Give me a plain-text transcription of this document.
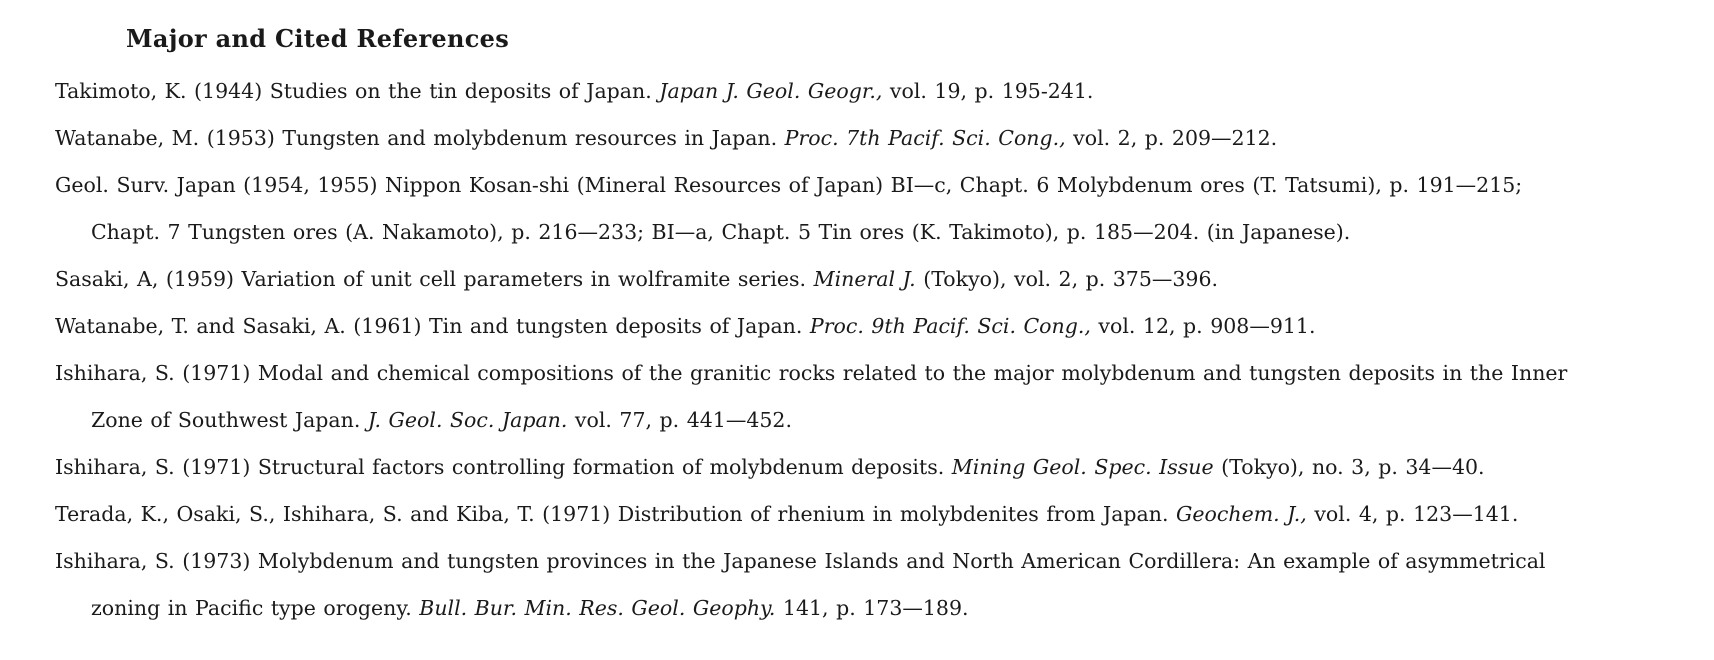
Major and Cited References
Takimoto, K. (1944) Studies on the tin deposits of Japan. Japan J. Geol. Geogr., vol. 19, p. 195-241.
Watanabe, M. (1953) Tungsten and molybdenum resources in Japan. Proc. 7th Pacif. Sci. Cong., vol. 2, p. 209—212.
Geol. Surv. Japan (1954, 1955) Nippon Kosan-shi (Mineral Resources of Japan) BI—c, Chapt. 6 Molybdenum ores (T. Tatsumi), p. 191—215;
Chapt. 7 Tungsten ores (A. Nakamoto), p. 216—233; BI—a, Chapt. 5 Tin ores (K. Takimoto), p. 185—204. (in Japanese).
Sasaki, A, (1959) Variation of unit cell parameters in wolframite series. Mineral J. (Tokyo), vol. 2, p. 375—396.
Watanabe, T. and Sasaki, A. (1961) Tin and tungsten deposits of Japan. Proc. 9th Pacif. Sci. Cong., vol. 12, p. 908—911.
Ishihara, S. (1971) Modal and chemical compositions of the granitic rocks related to the major molybdenum and tungsten deposits in the Inner
Zone of Southwest Japan. J. Geol. Soc. Japan. vol. 77, p. 441—452.
Ishihara, S. (1971) Structural factors controlling formation of molybdenum deposits. Mining Geol. Spec. Issue (Tokyo), no. 3, p. 34—40.
Terada, K., Osaki, S., Ishihara, S. and Kiba, T. (1971) Distribution of rhenium in molybdenites from Japan. Geochem. J., vol. 4, p. 123—141.
Ishihara, S. (1973) Molybdenum and tungsten provinces in the Japanese Islands and North American Cordillera: An example of asymmetrical
zoning in Pacific type orogeny. Bull. Bur. Min. Res. Geol. Geophy. 141, p. 173—189.
